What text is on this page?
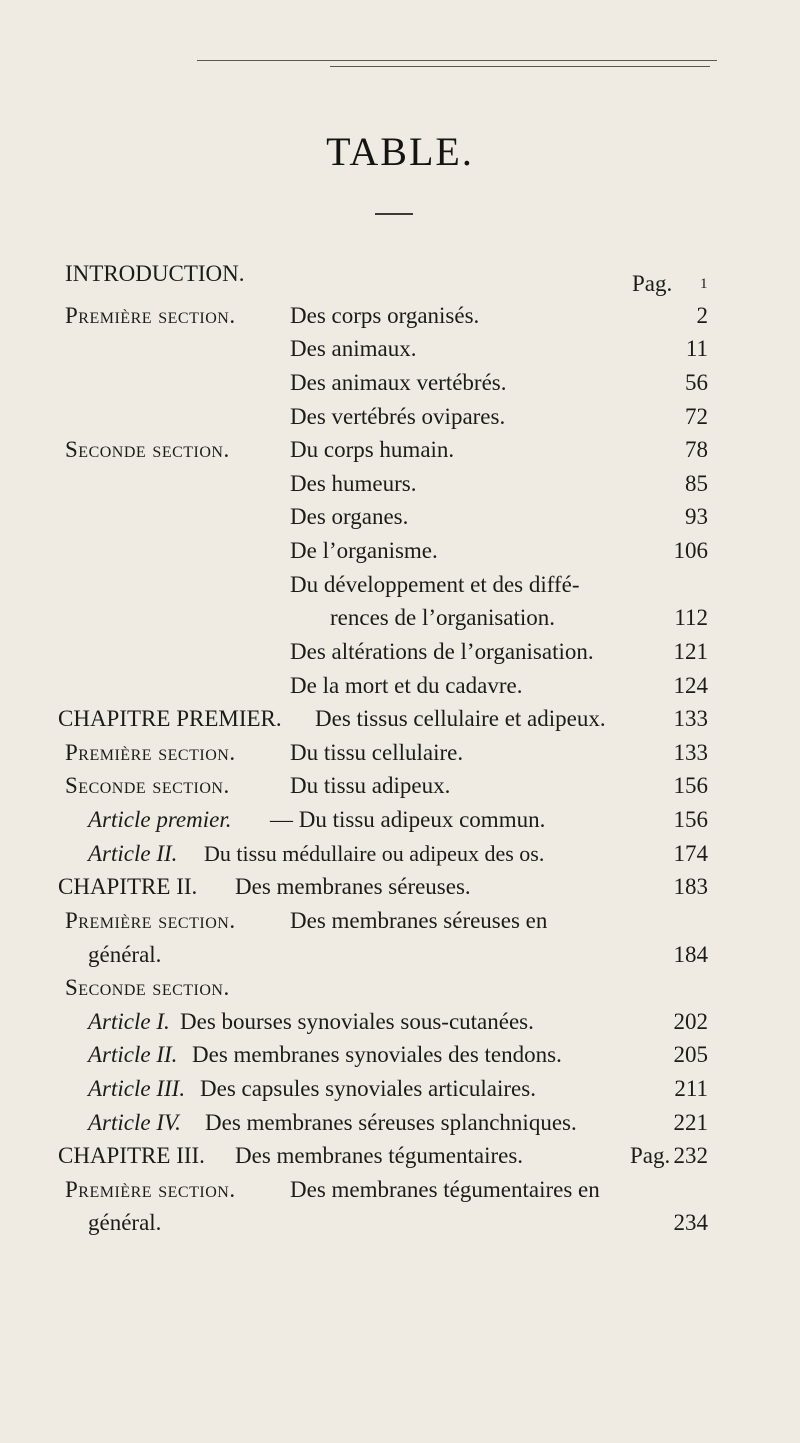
TABLE.
INTRODUCTION.	Pag. 1
Première section. Des corps organisés.	2
Des animaux.	11
Des animaux vertébrés.	56
Des vertébrés ovipares.	72
Seconde section.	Du corps humain.	78
Des humeurs.	85
Des organes.	93
De l’organisme.	106
Du développement et des diffé-
rences de l’organisation.	112
Des altérations de l’organisation.	121
De la mort et du cadavre.	124
CHAPITRE PREMIER. Des tissus cellulaire et adipeux.	133
Première section. Du tissu cellulaire.	133
Seconde section.	Du tissu adipeux.	156
Article premier. — Du tissu adipeux commun.	156
Article II. Du tissu médullaire ou adipeux des os.	174
CHAPITRE II. Des membranes séreuses.	183
Première section. Des membranes séreuses en
général.	184
Seconde section.
Article I. Des bourses synoviales sous-cutanées.	202
Article II. Des membranes synoviales des tendons.	205
Article III. Des capsules synoviales articulaires.	211
Article IV. Des membranes séreuses splanchniques.	221
CHAPITRE III. Des membranes tégumentaires.	Pag. 232
Première section. Des membranes tégumentaires en
général.	234
